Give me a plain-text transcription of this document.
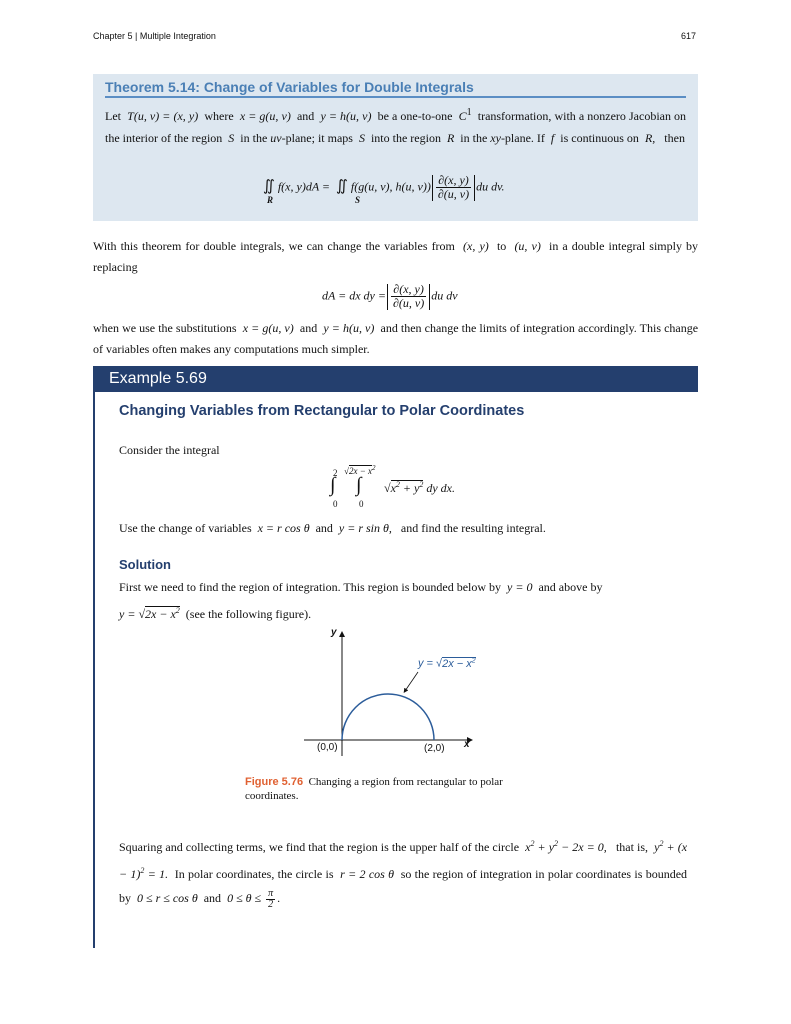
Chapter 5 | Multiple Integration	617
Theorem 5.14: Change of Variables for Double Integrals
Let T(u, v) = (x, y) where x = g(u, v) and y = h(u, v) be a one-to-one $C^1$ transformation, with a nonzero Jacobian on the interior of the region S in the uv-plane; it maps S into the region R in the xy-plane. If f is continuous on R, then
∬ f(x, y)dA = ∬ f(g(u, v), h(u, $v)) \frac{\partial(x, y)}{\partial(u, v)}$ du dv.
R	S
With this theorem for double integrals, we can change the variables from (x, y) to (u, v) in a double integral simply by replacing
dA = dx dy = $\frac{\partial(x, y)}{\partial(u, v)}$ du dv
when we use the substitutions x = g(u, v) and y = h(u, v) and then change the limits of integration accordingly. This change of variables often makes any computations much simpler.
Example 5.69
Changing Variables from Rectangular to Polar Coordinates
Consider the integral
2
0
∫
$√2x - x^2$
0
∫ $√x^2 + y^2$ dy dx.
Use the change of variables x = r cos θ and y = r sin θ, and find the resulting integral.
Solution
First we need to find the region of integration. This region is bounded below by y = 0 and above by
$y = √2x - x^2$ (see the following figure).
y
x
$y = √2x - x^2$
(0,0)	(2,0)
Figure 5.76 Changing a region from rectangular to polar coordinates.
Squaring and collecting terms, we find that the region is the upper half of the circle $x^2 + y^2 - 2x = 0$, that is, $y^2 + (x - 1)^2 = 1$. In polar coordinates, the circle is r = 2 cos θ so the region of integration in polar coordinates is bounded by 0 ≤ r ≤ cos θ and $0 \le \theta \le \frac{\pi}{2}$ .
